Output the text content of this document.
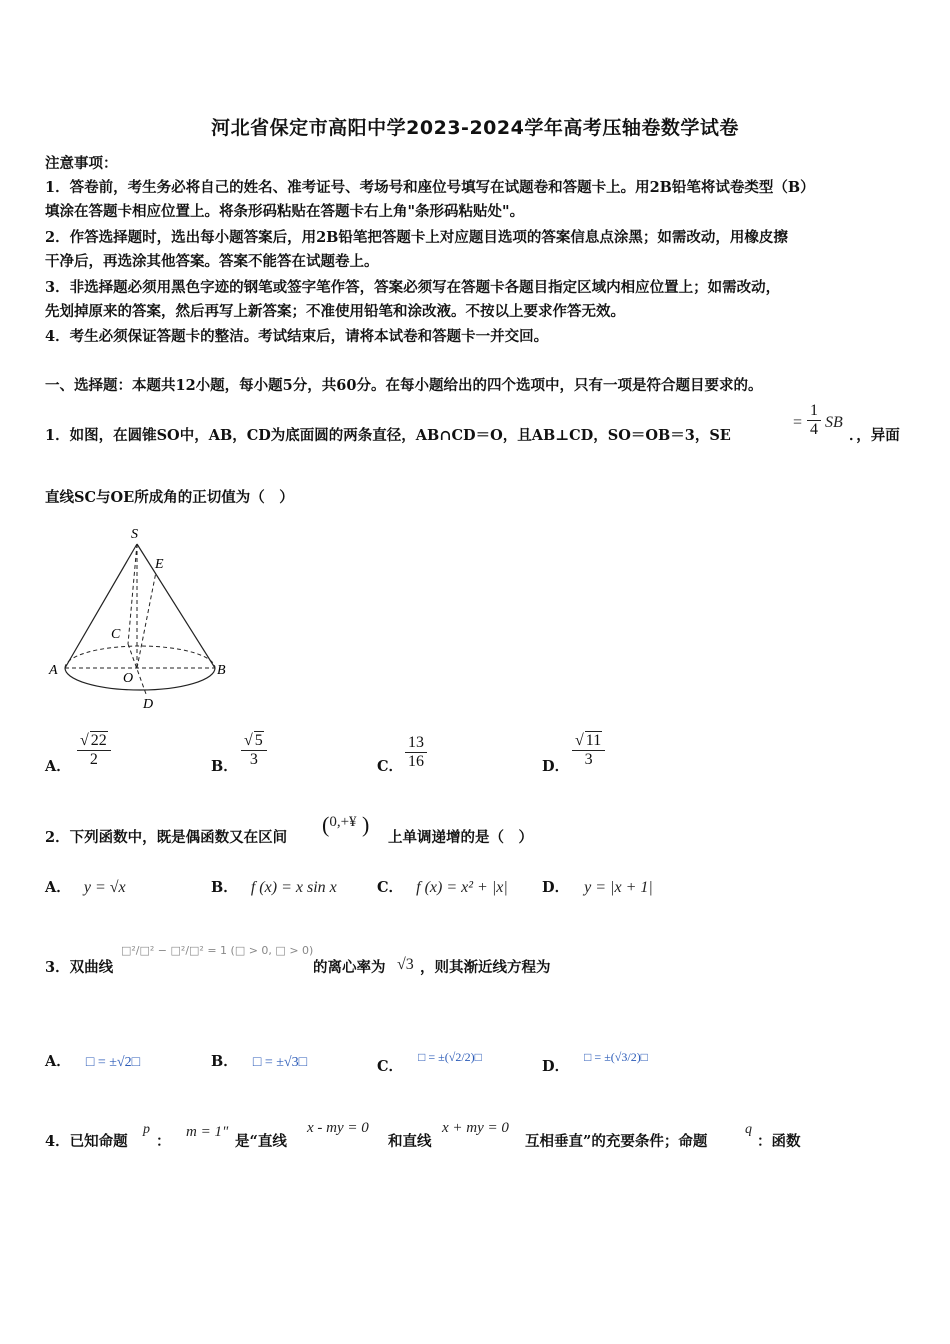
河北省保定市高阳中学2023-2024学年高考压轴卷数学试卷
注意事项：
1．答卷前，考生务必将自己的姓名、准考证号、考场号和座位号填写在试题卷和答题卡上。用2B铅笔将试卷类型（B）
填涂在答题卡相应位置上。将条形码粘贴在答题卡右上角"条形码粘贴处"。
2．作答选择题时，选出每小题答案后，用2B铅笔把答题卡上对应题目选项的答案信息点涂黑；如需改动，用橡皮擦
干净后，再选涂其他答案。答案不能答在试题卷上。
3．非选择题必须用黑色字迹的钢笔或签字笔作答，答案必须写在答题卡各题目指定区域内相应位置上；如需改动，
先划掉原来的答案，然后再写上新答案；不准使用铅笔和涂改液。不按以上要求作答无效。
4．考生必须保证答题卡的整洁。考试结束后，请将本试卷和答题卡一并交回。
一、选择题：本题共12小题，每小题5分，共60分。在每小题给出的四个选项中，只有一项是符合题目要求的。
1．如图，在圆锥SO中，AB，CD为底面圆的两条直径，AB∩CD＝O，且AB⊥CD，SO＝OB＝3，SE
=
1
4 SB
．，异面
直线SC与OE所成角的正切值为（　）
S
E
C
A
O
B
D
A．
√ 22
2	B．
√ 5
3	C．
13
16	D．
√ 11
3
2．下列函数中，既是偶函数又在区间
($^{0,+¥}$ )
上单调递增的是（　）
A． y = √x	B． f (x) = x sin x	C． f (x) = x² + |x| D． y = |x + 1|
3．双曲线
□²/□² − □²/□² = 1 (□ > 0, □ > 0)
的离心率为 √3 ，则其渐近线方程为
A． □ = ±√2□	B． □ = ±√3□	C． $^{□ = \pm(√2/2)□}$
D． $^{□ = \pm(√3/2)□}$
4．已知命题
p
：
m = 1"
是“直线
x - my = 0
和直线
x + my = 0
互相垂直”的充要条件；命题
q
：函数
